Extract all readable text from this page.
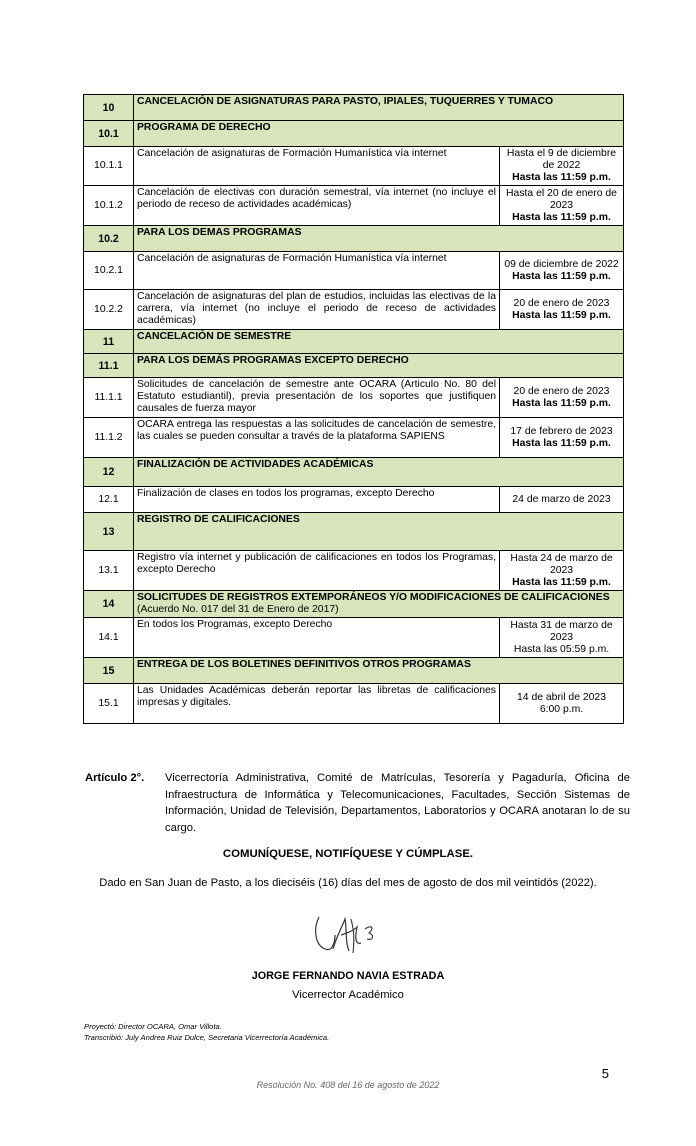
10	CANCELACIÓN DE ASIGNATURAS PARA PASTO, IPIALES, TUQUERRES Y TUMACO	
10.1	PROGRAMA DE DERECHO	
10.1.1	Cancelación de asignaturas de Formación Humanística vía internet	Hasta el 9 de diciembre de 2022
Hasta las 11:59 p.m.

10.1.2	Cancelación de electivas con duración semestral, vía internet (no incluye el periodo de receso de actividades académicas)	Hasta el 20 de enero de 2023
Hasta las 11:59 p.m.

10.2	PARA LOS DEMAS PROGRAMAS	
10.2.1	Cancelación de asignaturas de Formación Humanística vía internet	09 de diciembre de 2022
Hasta las 11:59 p.m.

10.2.2	Cancelación de asignaturas del plan de estudios, incluidas las electivas de la carrera, vía internet (no incluye el periodo de receso de actividades académicas)	20 de enero de 2023
Hasta las 11:59 p.m.

11	CANCELACIÓN DE SEMESTRE	
11.1	PARA LOS DEMÁS PROGRAMAS EXCEPTO DERECHO	
11.1.1	Solicitudes de cancelación de semestre ante OCARA (Articulo No. 80 del Estatuto estudiantil), previa presentación de los soportes que justifiquen causales de fuerza mayor	20 de enero de 2023
Hasta las 11:59 p.m.

11.1.2	OCARA entrega las respuestas a las solicitudes de cancelación de semestre, las cuales se pueden consultar a través de la plataforma SAPIENS	17 de febrero de 2023
Hasta las 11:59 p.m.

12	FINALIZACIÓN DE ACTIVIDADES ACADÉMICAS	
12.1	Finalización de clases en todos los programas, excepto Derecho	24 de marzo de 2023

13	REGISTRO DE CALIFICACIONES	
13.1	Registro vía internet y publicación de calificaciones en todos los Programas, excepto Derecho	Hasta 24 de marzo de 2023
Hasta las 11:59 p.m.

14	SOLICITUDES DE REGISTROS EXTEMPORÁNEOS Y/O MODIFICACIONES DE CALIFICACIONES (Acuerdo No. 017 del 31 de Enero de 2017)	
14.1	En todos los Programas, excepto Derecho	Hasta 31 de marzo de 2023
Hasta las 05:59 p.m.

15	ENTREGA DE LOS BOLETINES DEFINITIVOS OTROS PROGRAMAS	
15.1	Las Unidades Académicas deberán reportar las libretas de calificaciones impresas y digitales.	14 de abril de 2023
6:00 p.m.
Artículo 2°. Vicerrectoría Administrativa, Comité de Matrículas, Tesorería y Pagaduría, Oficina de Infraestructura de Informática y Telecomunicaciones, Facultades, Sección Sistemas de Información, Unidad de Televisión, Departamentos, Laboratorios y OCARA anotaran lo de su cargo.
COMUNÍQUESE, NOTIFÍQUESE Y CÚMPLASE.
Dado en San Juan de Pasto, a los dieciséis (16) días del mes de agosto de dos mil veintidós (2022).
JORGE FERNANDO NAVIA ESTRADA
Vicerrector Académico
Proyectó: Director OCARA, Omar Villota.
Transcribió: July Andrea Ruiz Dulce, Secretaria Vicerrectoría Académica.
5
Resolución No. 408 del 16 de agosto de 2022
